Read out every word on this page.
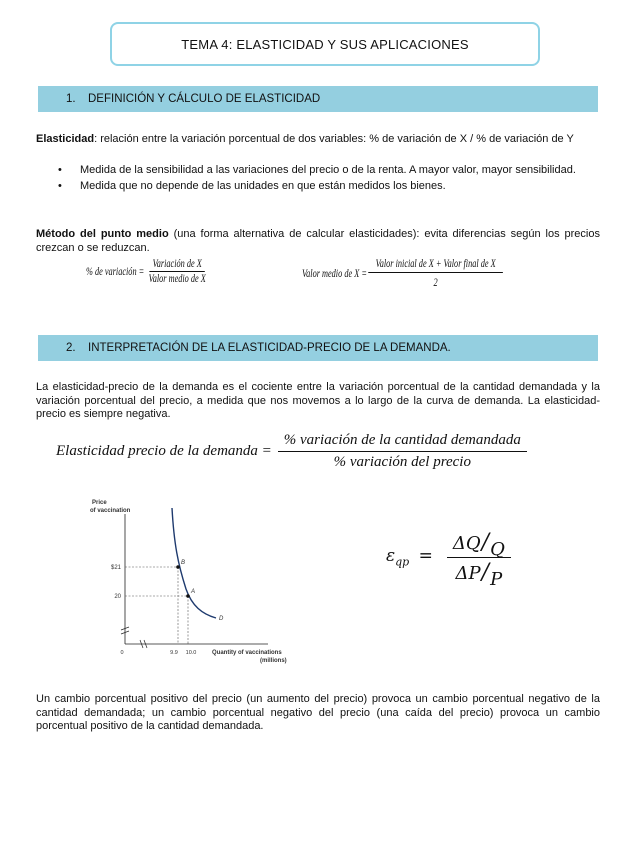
TEMA 4: ELASTICIDAD Y SUS APLICACIONES
1.	DEFINICIÓN Y CÁLCULO DE ELASTICIDAD
Elasticidad: relación entre la variación porcentual de dos variables: % de variación de X / % de variación de Y
• Medida de la sensibilidad a las variaciones del precio o de la renta. A mayor valor, mayor sensibilidad.
• Medida que no depende de las unidades en que están medidos los bienes.
Método del punto medio (una forma alternativa de calcular elasticidades): evita diferencias según los precios crezcan o se reduzcan.
% de variación = $\frac{\text{Variación de X}}{\text{Valor medio de X}}$	Valor medio de $X = \frac{\text{Valor inicial de X + Valor final de X}}{2}$
2.	INTERPRETACIÓN DE LA ELASTICIDAD-PRECIO DE LA DEMANDA.
La elasticidad-precio de la demanda es el cociente entre la variación porcentual de la cantidad demandada y la variación porcentual del precio, a medida que nos movemos a lo largo de la curva de demanda. La elasticidad-precio es siempre negativa.
Elasticidad precio de la demanda = $\frac{\text{\% variación de la cantidad demandada}}{\text{\% variación del precio}}$
Price of vaccination
D
B
A
$21
20
0	9.9 10.0	Quantity of vaccinations (millions)
$\varepsilon_{qp} = \frac{\Delta Q/Q}{\Delta P/P}$
Un cambio porcentual positivo del precio (un aumento del precio) provoca un cambio porcentual negativo de la cantidad demandada; un cambio porcentual negativo del precio (una caída del precio) provoca un cambio porcentual positivo de la cantidad demandada.
